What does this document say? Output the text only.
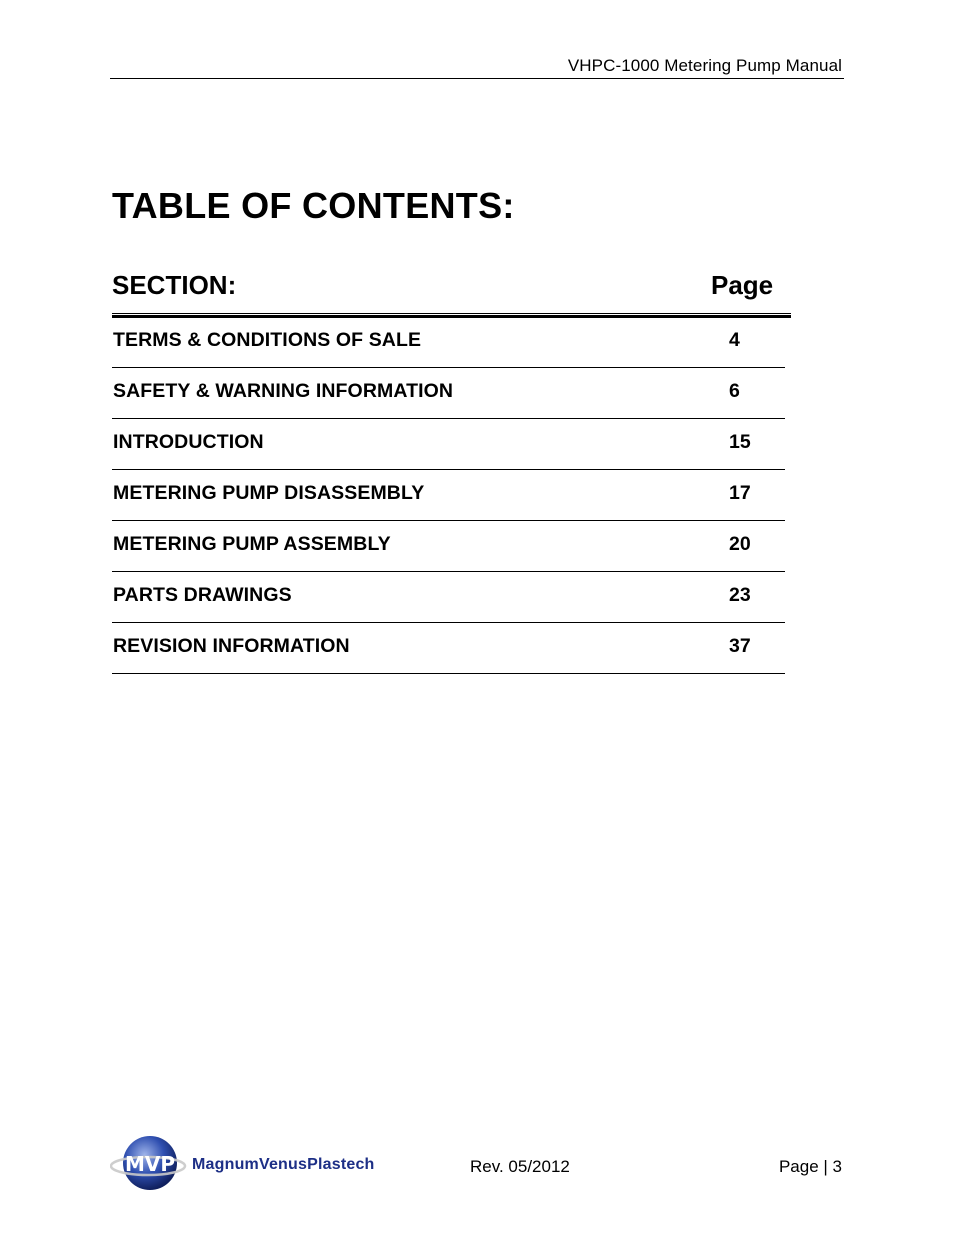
VHPC-1000 Metering Pump Manual
TABLE OF CONTENTS:
SECTION:	Page
TERMS & CONDITIONS OF SALE	4
SAFETY & WARNING INFORMATION	6
INTRODUCTION	15
METERING PUMP DISASSEMBLY	17
METERING PUMP ASSEMBLY	20
PARTS DRAWINGS	23
REVISION INFORMATION	37
MVP MagnumVenusPlastech	Rev. 05/2012	Page | 3
